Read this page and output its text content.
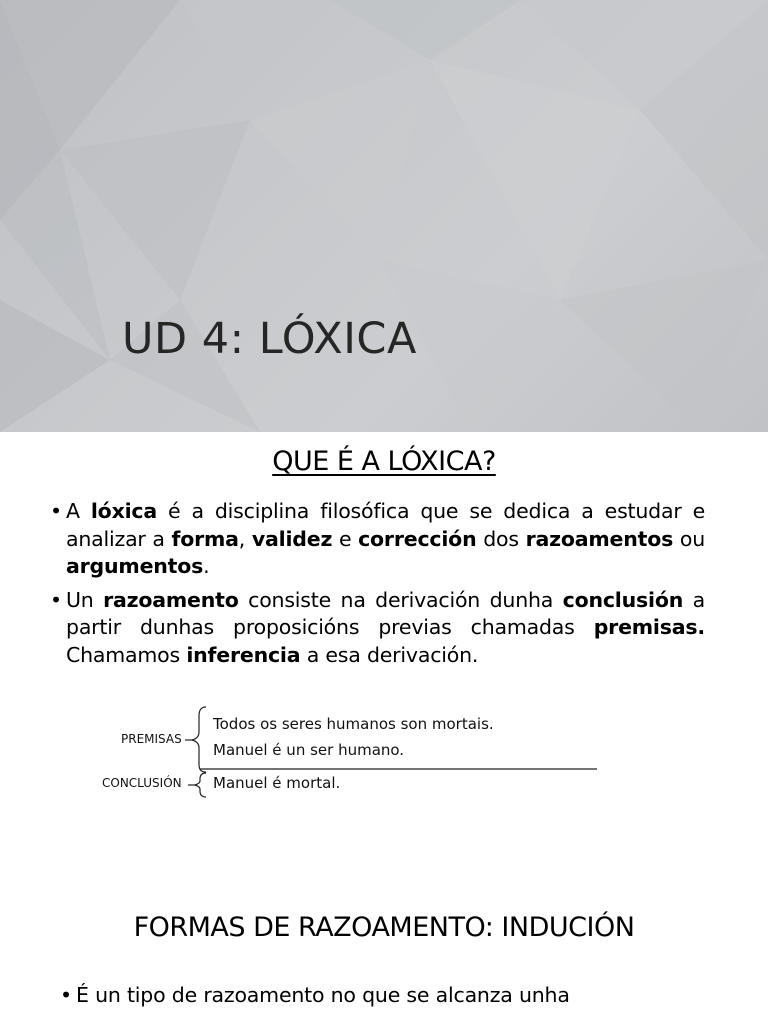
UD 4: LÓXICA
QUE É A LÓXICA?
• A lóxica é a disciplina filosófica que se dedica a estudar e analizar a forma, validez e corrección dos razoamentos ou argumentos.
• Un razoamento consiste na derivación dunha conclusión a partir dunhas proposicións previas chamadas premisas. Chamamos inferencia a esa derivación.
PREMISAS
CONCLUSIÓN
Todos os seres humanos son mortais.
Manuel é un ser humano.
Manuel é mortal.
FORMAS DE RAZOAMENTO: INDUCIÓN
• É un tipo de razoamento no que se alcanza unha
